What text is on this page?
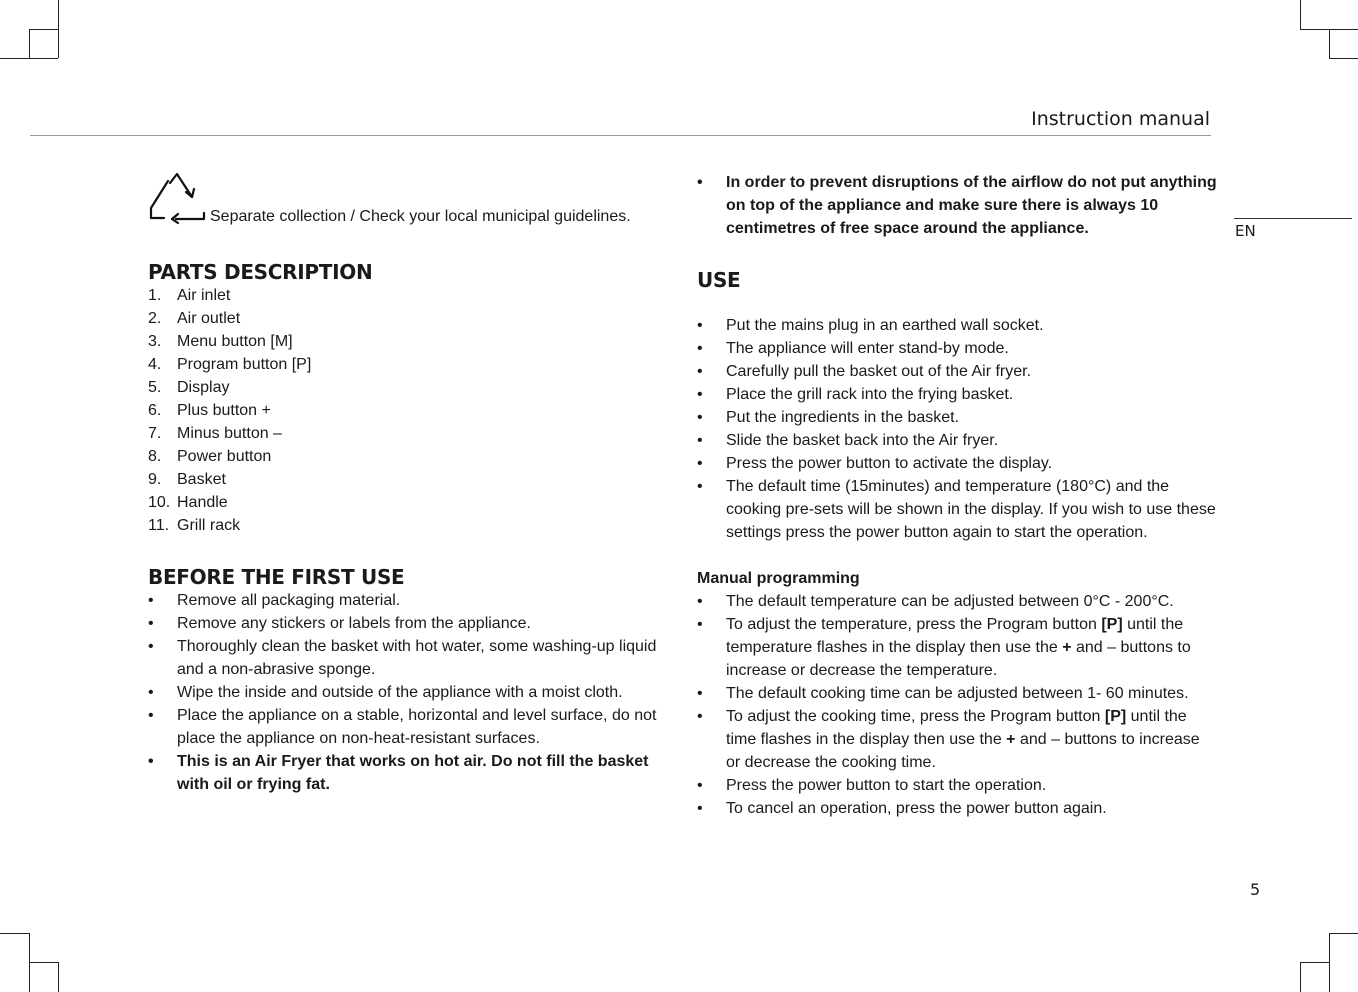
Instruction manual
EN
5
Separate collection / Check your local municipal guidelines.
PARTS DESCRIPTION
1. Air inlet
2. Air outlet
3. Menu button [M]
4. Program button [P]
5. Display
6. Plus button +
7. Minus button –
8. Power button
9. Basket
10. Handle
11. Grill rack
BEFORE THE FIRST USE
•	Remove all packaging material.
•	Remove any stickers or labels from the appliance.
•	Thoroughly clean the basket with hot water, some washing-up liquid and a non-abrasive sponge.
•	Wipe the inside and outside of the appliance with a moist cloth.
•	Place the appliance on a stable, horizontal and level surface, do not place the appliance on non-heat-resistant surfaces.
•	This is an Air Fryer that works on hot air. Do not fill the basket with oil or frying fat.
•	In order to prevent disruptions of the airflow do not put anything on top of the appliance and make sure there is always 10 centimetres of free space around the appliance.
USE
•	Put the mains plug in an earthed wall socket.
•	The appliance will enter stand-by mode.
•	Carefully pull the basket out of the Air fryer.
•	Place the grill rack into the frying basket.
•	Put the ingredients in the basket.
•	Slide the basket back into the Air fryer.
•	Press the power button to activate the display.
•	The default time (15minutes) and temperature (180°C) and the cooking pre-sets will be shown in the display. If you wish to use these settings press the power button again to start the operation.
Manual programming
•	The default temperature can be adjusted between 0°C - 200°C.
•	To adjust the temperature, press the Program button [P] until the temperature flashes in the display then use the + and – buttons to increase or decrease the temperature.
•	The default cooking time can be adjusted between 1- 60 minutes.
•	To adjust the cooking time, press the Program button [P] until the time flashes in the display then use the + and – buttons to increase or decrease the cooking time.
•	Press the power button to start the operation.
•	To cancel an operation, press the power button again.
